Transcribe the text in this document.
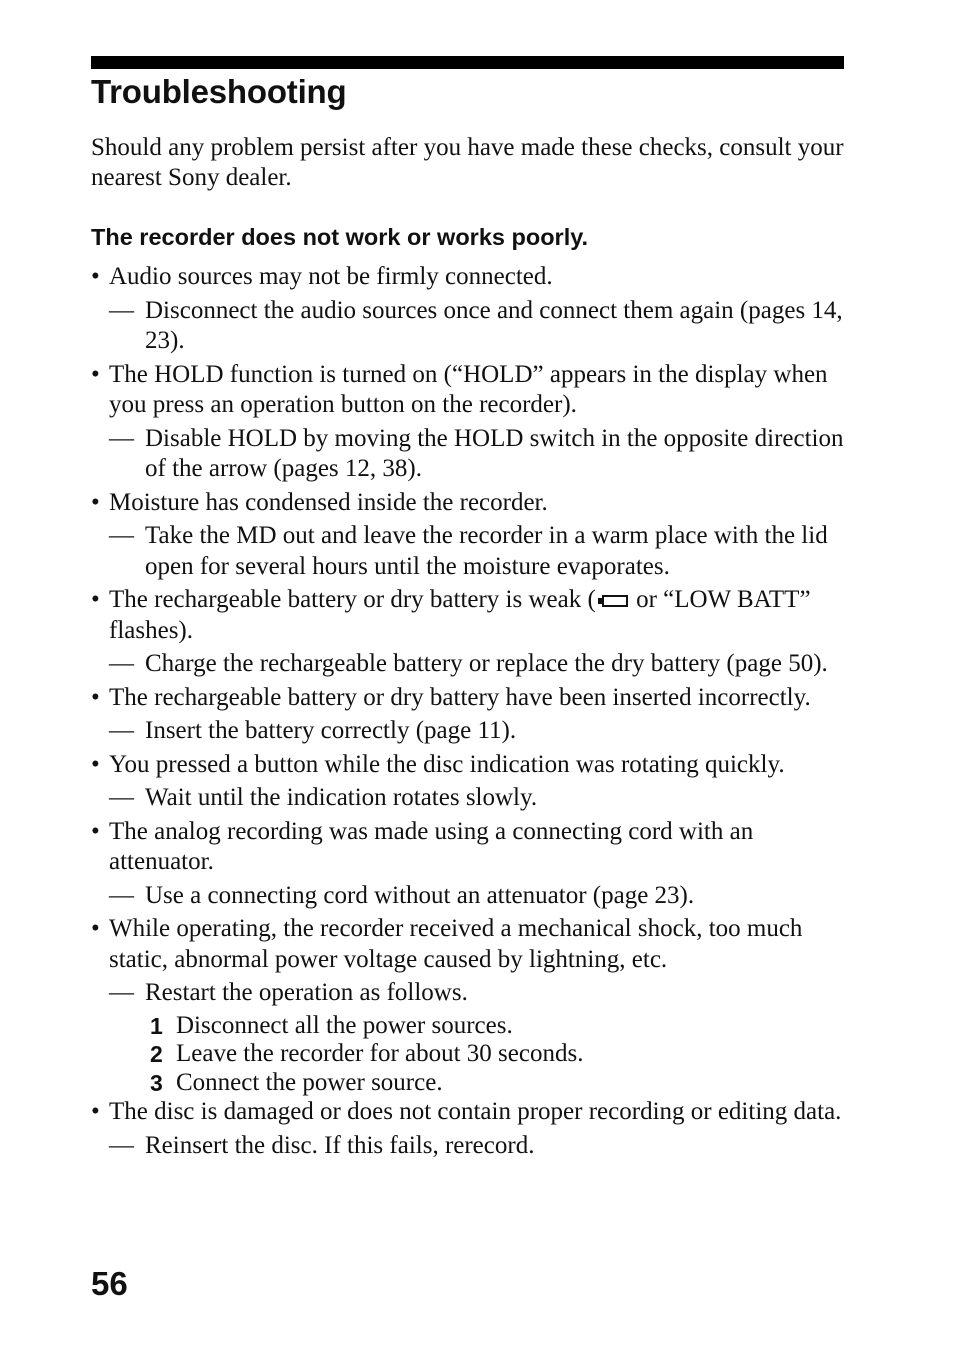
Troubleshooting
Should any problem persist after you have made these checks, consult your nearest Sony dealer.
The recorder does not work or works poorly.
• Audio sources may not be firmly connected.
— Disconnect the audio sources once and connect them again (pages 14, 23).
• The HOLD function is turned on (“HOLD” appears in the display when you press an operation button on the recorder).
— Disable HOLD by moving the HOLD switch in the opposite direction of the arrow (pages 12, 38).
• Moisture has condensed inside the recorder.
— Take the MD out and leave the recorder in a warm place with the lid open for several hours until the moisture evaporates.
• The rechargeable battery or dry battery is weak (
or “LOW BATT” flashes).
— Charge the rechargeable battery or replace the dry battery (page 50).
• The rechargeable battery or dry battery have been inserted incorrectly.
— Insert the battery correctly (page 11).
• You pressed a button while the disc indication was rotating quickly.
— Wait until the indication rotates slowly.
• The analog recording was made using a connecting cord with an attenuator.
— Use a connecting cord without an attenuator (page 23).
• While operating, the recorder received a mechanical shock, too much static, abnormal power voltage caused by lightning, etc.
— Restart the operation as follows.
1 Disconnect all the power sources.
2 Leave the recorder for about 30 seconds.
3 Connect the power source.
• The disc is damaged or does not contain proper recording or editing data.
— Reinsert the disc. If this fails, rerecord.
56
